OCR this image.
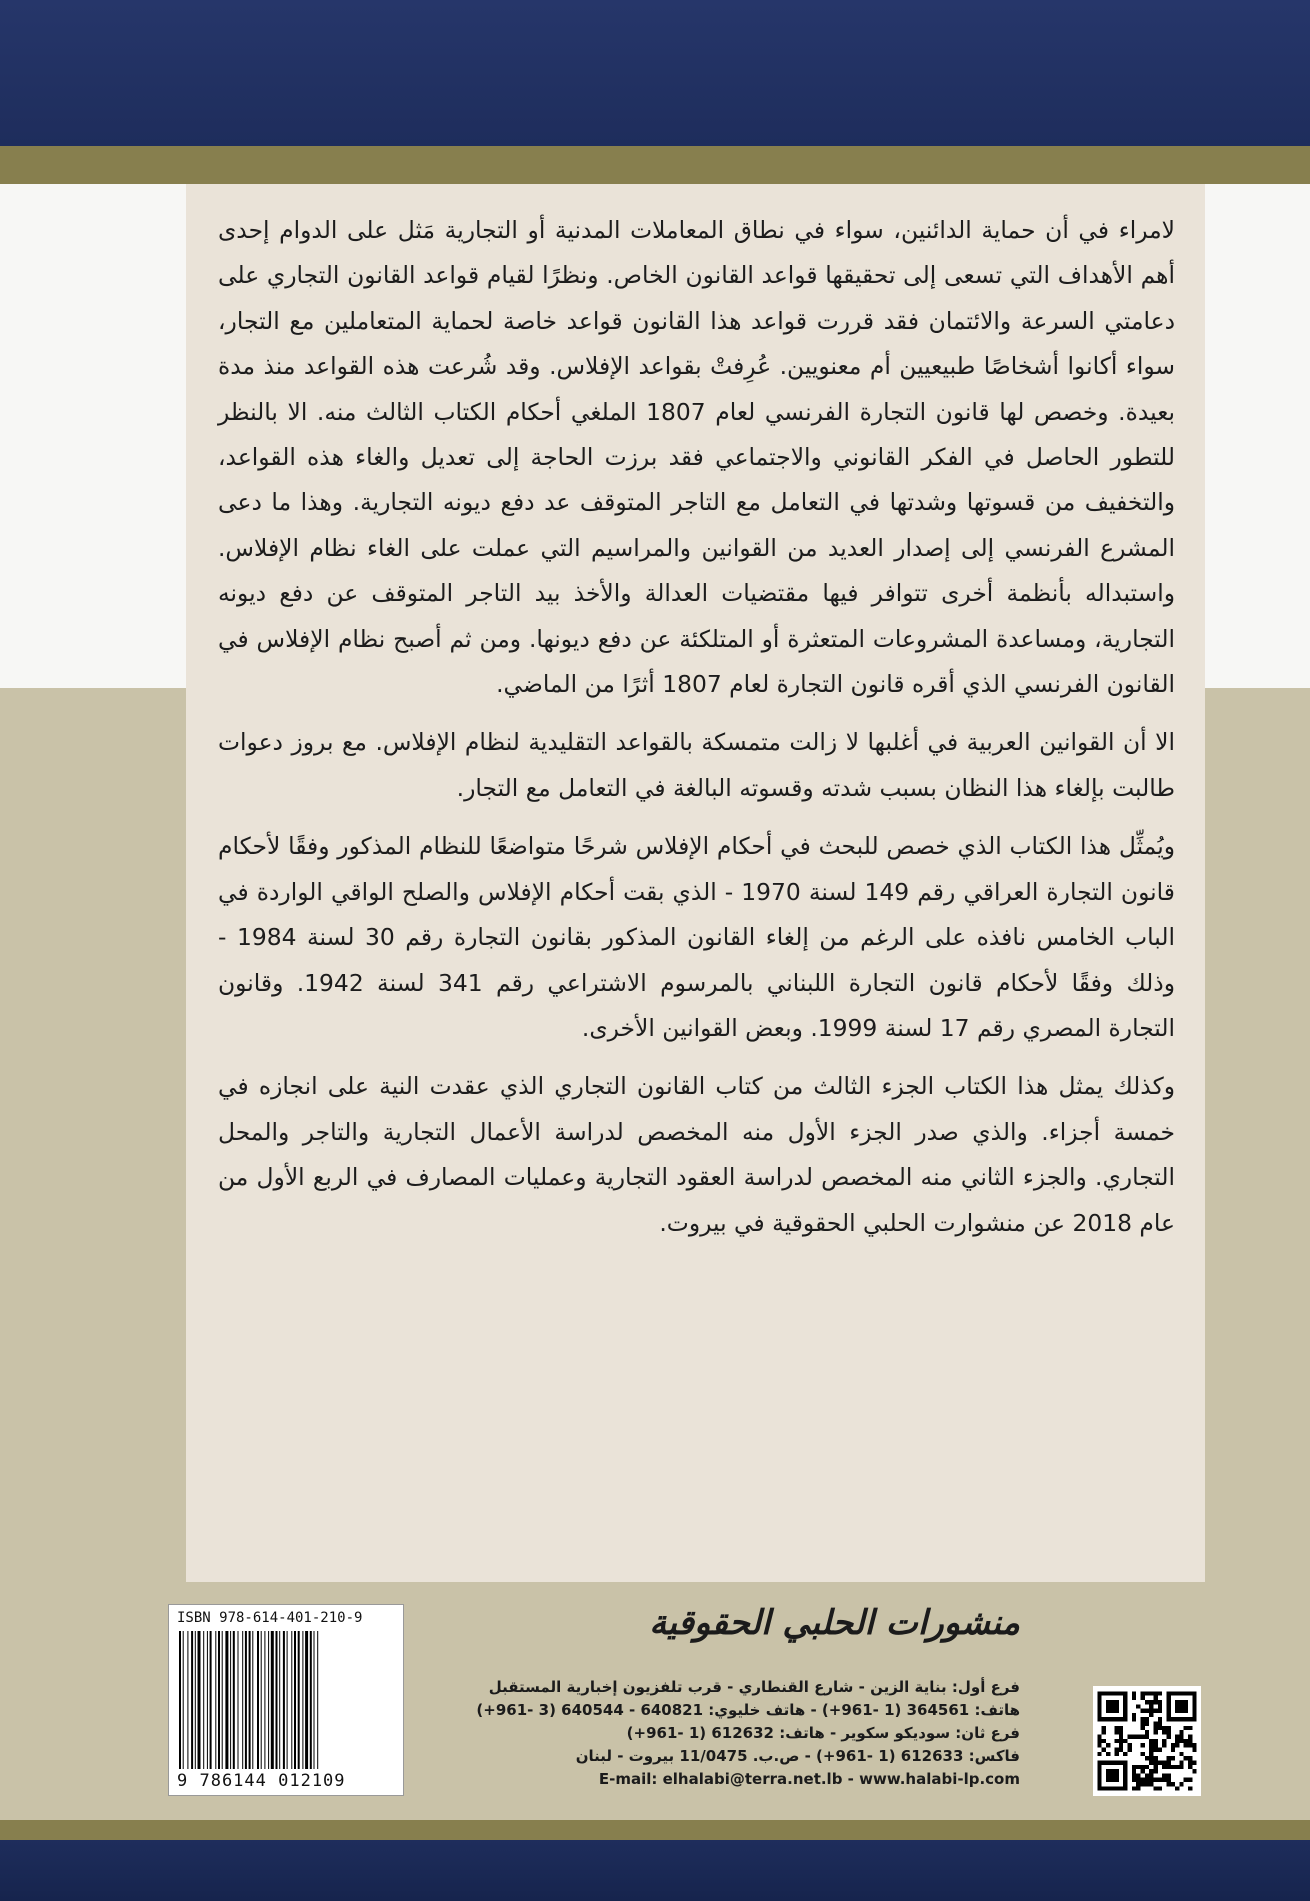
لامراء في أن حماية الدائنين، سواء في نطاق المعاملات المدنية أو التجارية مَثل على الدوام إحدى أهم الأهداف التي تسعى إلى تحقيقها قواعد القانون الخاص. ونظرًا لقيام قواعد القانون التجاري على دعامتي السرعة والائتمان فقد قررت قواعد هذا القانون قواعد خاصة لحماية المتعاملين مع التجار، سواء أكانوا أشخاصًا طبيعيين أم معنويين. عُرِفتْ بقواعد الإفلاس. وقد شُرعت هذه القواعد منذ مدة بعيدة. وخصص لها قانون التجارة الفرنسي لعام 1807 الملغي أحكام الكتاب الثالث منه. الا بالنظر للتطور الحاصل في الفكر القانوني والاجتماعي فقد برزت الحاجة إلى تعديل والغاء هذه القواعد، والتخفيف من قسوتها وشدتها في التعامل مع التاجر المتوقف عد دفع ديونه التجارية. وهذا ما دعى المشرع الفرنسي إلى إصدار العديد من القوانين والمراسيم التي عملت على الغاء نظام الإفلاس. واستبداله بأنظمة أخرى تتوافر فيها مقتضيات العدالة والأخذ بيد التاجر المتوقف عن دفع ديونه التجارية، ومساعدة المشروعات المتعثرة أو المتلكئة عن دفع ديونها. ومن ثم أصبح نظام الإفلاس في القانون الفرنسي الذي أقره قانون التجارة لعام 1807 أثرًا من الماضي.

الا أن القوانين العربية في أغلبها لا زالت متمسكة بالقواعد التقليدية لنظام الإفلاس. مع بروز دعوات طالبت بإلغاء هذا النظان بسبب شدته وقسوته البالغة في التعامل مع التجار.

ويُمثِّل هذا الكتاب الذي خصص للبحث في أحكام الإفلاس شرحًا متواضعًا للنظام المذكور وفقًا لأحكام قانون التجارة العراقي رقم 149 لسنة 1970 - الذي بقت أحكام الإفلاس والصلح الواقي الواردة في الباب الخامس نافذه على الرغم من إلغاء القانون المذكور بقانون التجارة رقم 30 لسنة 1984 - وذلك وفقًا لأحكام قانون التجارة اللبناني بالمرسوم الاشتراعي رقم 341 لسنة 1942. وقانون التجارة المصري رقم 17 لسنة 1999. وبعض القوانين الأخرى.

وكذلك يمثل هذا الكتاب الجزء الثالث من كتاب القانون التجاري الذي عقدت النية على انجازه في خمسة أجزاء. والذي صدر الجزء الأول منه المخصص لدراسة الأعمال التجارية والتاجر والمحل التجاري. والجزء الثاني منه المخصص لدراسة العقود التجارية وعمليات المصارف في الربع الأول من عام 2018 عن منشوارت الحلبي الحقوقية في بيروت.

منشورات الحلبي الحقوقية
فرع أول: بناية الزين - شارع القنطاري - قرب تلفزيون إخبارية المستقبل
هاتف: 364561 (1 -961+) - هاتف خليوي: 640821 - 640544 (3 -961+)
فرع ثان: سوديكو سكوير - هاتف: 612632 (1 -961+)
فاكس: 612633 (1 -961+) - ص.ب. 11/0475 بيروت - لبنان
E-mail: elhalabi@terra.net.lb - www.halabi-lp.com
ISBN 978-614-401-210-9
9 786144 012109
